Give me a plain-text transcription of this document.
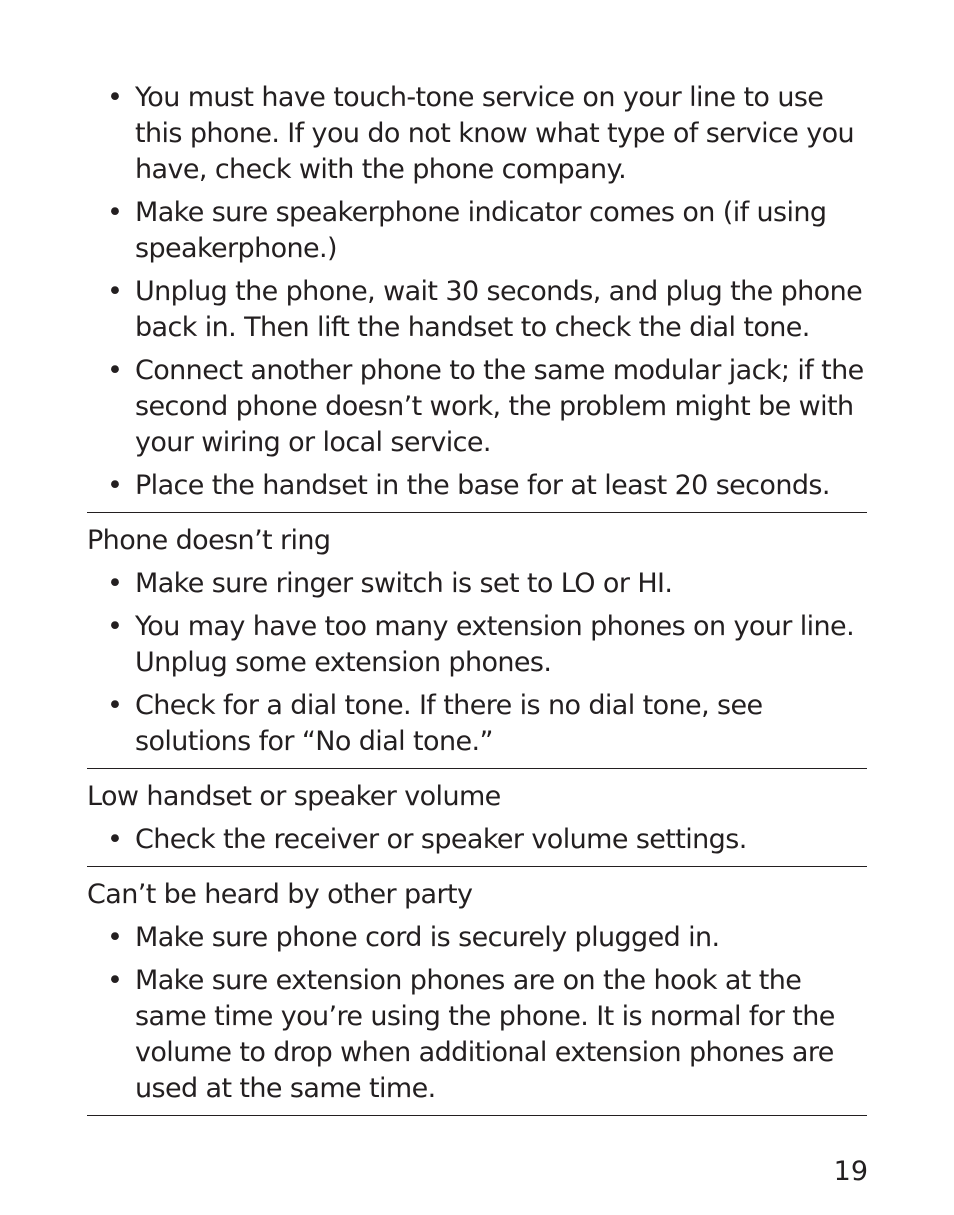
• You must have touch-tone service on your line to use this phone. If you do not know what type of service you have, check with the phone company.
• Make sure speakerphone indicator comes on (if using speakerphone.)
• Unplug the phone, wait 30 seconds, and plug the phone back in. Then lift the handset to check the dial tone.
• Connect another phone to the same modular jack; if the second phone doesn’t work, the problem might be with your wiring or local service.
• Place the handset in the base for at least 20 seconds.
Phone doesn’t ring
• Make sure ringer switch is set to LO or HI.
• You may have too many extension phones on your line. Unplug some extension phones.
• Check for a dial tone. If there is no dial tone, see solutions for “No dial tone.”
Low handset or speaker volume
• Check the receiver or speaker volume settings.
Can’t be heard by other party
• Make sure phone cord is securely plugged in.
• Make sure extension phones are on the hook at the same time you’re using the phone. It is normal for the volume to drop when additional extension phones are used at the same time.
19
